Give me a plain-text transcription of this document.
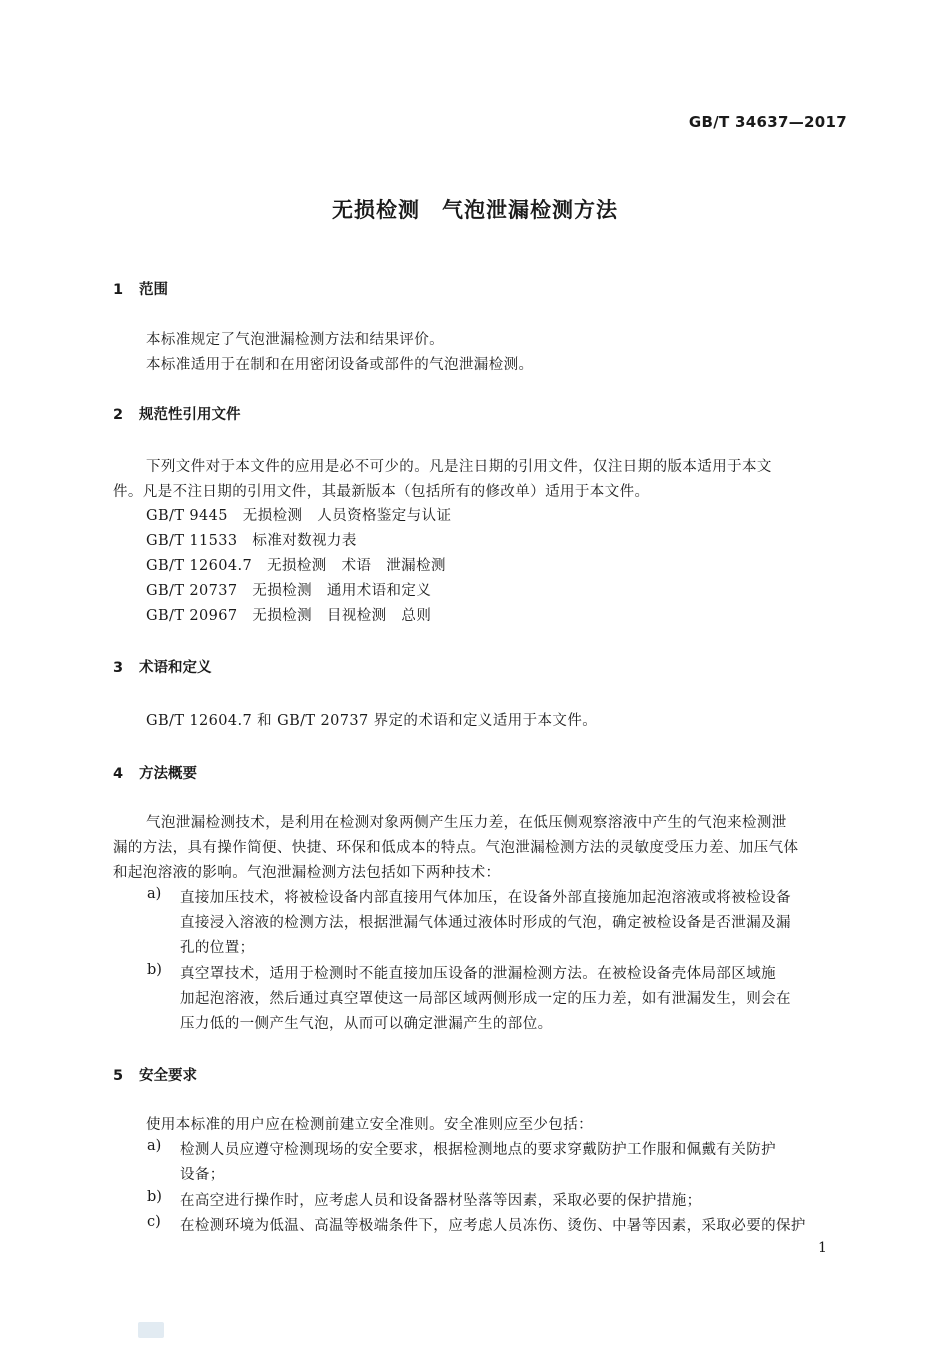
GB/T 34637—2017
无损检测　气泡泄漏检测方法
1 范围
本标准规定了气泡泄漏检测方法和结果评价。
本标准适用于在制和在用密闭设备或部件的气泡泄漏检测。
2 规范性引用文件
下列文件对于本文件的应用是必不可少的。凡是注日期的引用文件，仅注日期的版本适用于本文
件。凡是不注日期的引用文件，其最新版本（包括所有的修改单）适用于本文件。
GB/T 9445　无损检测　人员资格鉴定与认证
GB/T 11533　标准对数视力表
GB/T 12604.7　无损检测　术语　泄漏检测
GB/T 20737　无损检测　通用术语和定义
GB/T 20967　无损检测　目视检测　总则
3 术语和定义
GB/T 12604.7 和 GB/T 20737 界定的术语和定义适用于本文件。
4 方法概要
气泡泄漏检测技术，是利用在检测对象两侧产生压力差，在低压侧观察溶液中产生的气泡来检测泄
漏的方法，具有操作简便、快捷、环保和低成本的特点。气泡泄漏检测方法的灵敏度受压力差、加压气体
和起泡溶液的影响。气泡泄漏检测方法包括如下两种技术：
a) 直接加压技术，将被检设备内部直接用气体加压，在设备外部直接施加起泡溶液或将被检设备
直接浸入溶液的检测方法，根据泄漏气体通过液体时形成的气泡，确定被检设备是否泄漏及漏
孔的位置；
b) 真空罩技术，适用于检测时不能直接加压设备的泄漏检测方法。在被检设备壳体局部区域施
加起泡溶液，然后通过真空罩使这一局部区域两侧形成一定的压力差，如有泄漏发生，则会在
压力低的一侧产生气泡，从而可以确定泄漏产生的部位。
5 安全要求
使用本标准的用户应在检测前建立安全准则。安全准则应至少包括：
a) 检测人员应遵守检测现场的安全要求，根据检测地点的要求穿戴防护工作服和佩戴有关防护
设备；
b) 在高空进行操作时，应考虑人员和设备器材坠落等因素，采取必要的保护措施；
c) 在检测环境为低温、高温等极端条件下，应考虑人员冻伤、烫伤、中暑等因素，采取必要的保护
1
